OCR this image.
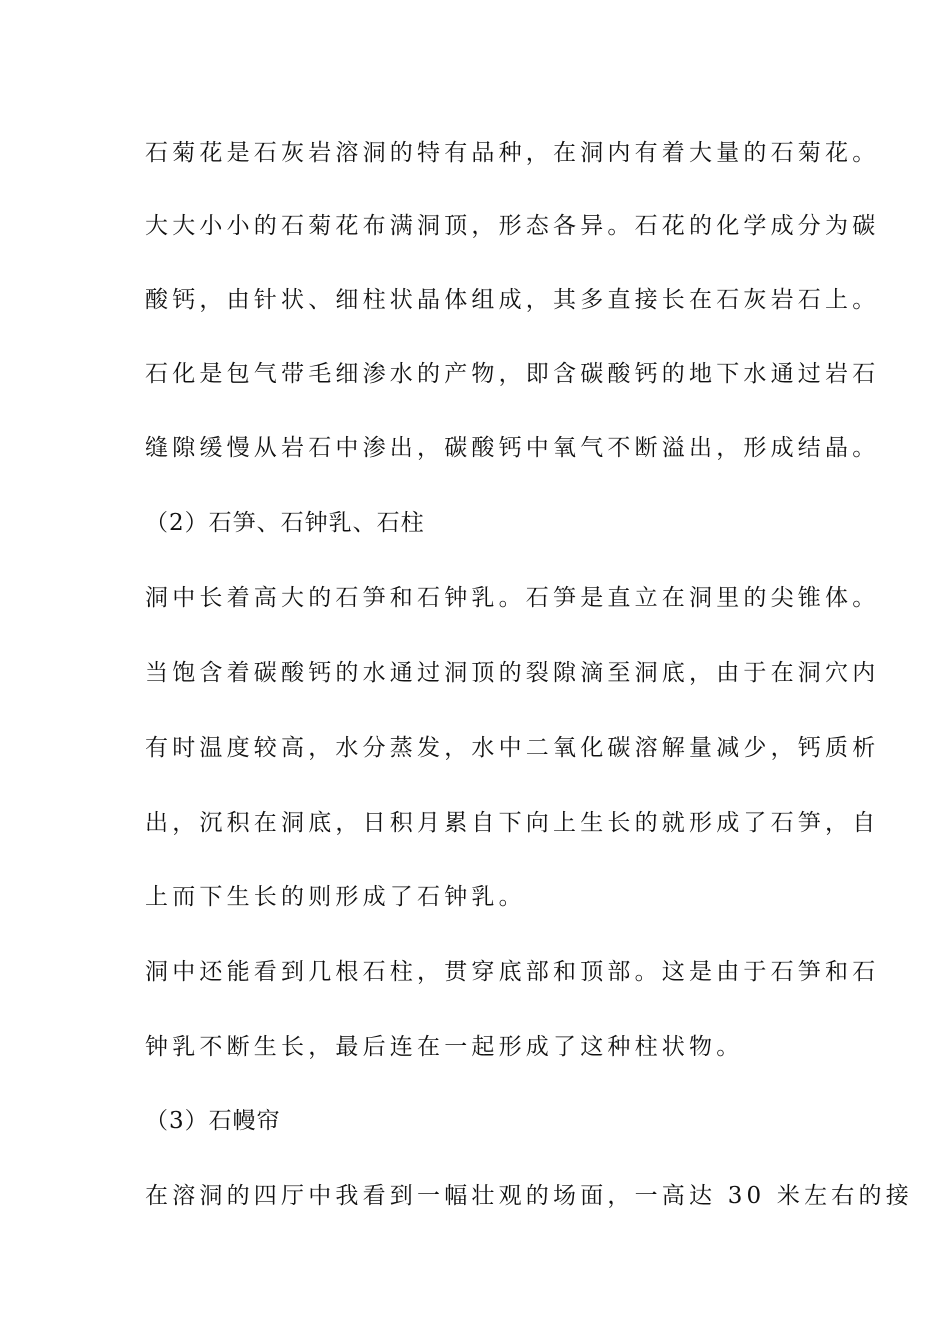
石菊花是石灰岩溶洞的特有品种，在洞内有着大量的石菊花。
大大小小的石菊花布满洞顶，形态各异。石花的化学成分为碳
酸钙，由针状、细柱状晶体组成，其多直接长在石灰岩石上。
石化是包气带毛细渗水的产物，即含碳酸钙的地下水通过岩石
缝隙缓慢从岩石中渗出，碳酸钙中氧气不断溢出，形成结晶。
（2）石笋、石钟乳、石柱
洞中长着高大的石笋和石钟乳。石笋是直立在洞里的尖锥体。
当饱含着碳酸钙的水通过洞顶的裂隙滴至洞底，由于在洞穴内
有时温度较高，水分蒸发，水中二氧化碳溶解量减少，钙质析
出，沉积在洞底，日积月累自下向上生长的就形成了石笋，自
上而下生长的则形成了石钟乳。
洞中还能看到几根石柱，贯穿底部和顶部。这是由于石笋和石
钟乳不断生长，最后连在一起形成了这种柱状物。
（3）石幔帘
在溶洞的四厅中我看到一幅壮观的场面，一高达 30 米左右的接
